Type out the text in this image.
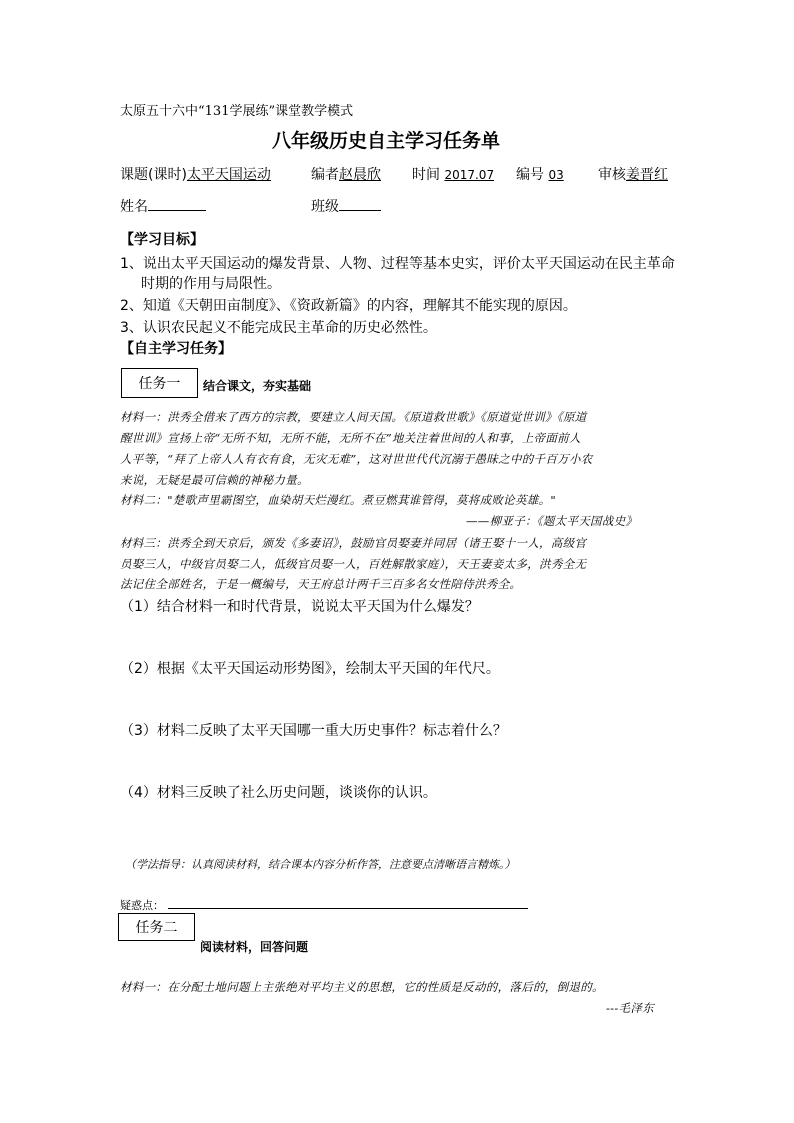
太原五十六中“131学展练”课堂教学模式
八年级历史自主学习任务单
课题(课时)太平天国运动	编者赵晨欣 时间 2017.07 编号 03 审核姜晋红
姓名	班级
【学习目标】
1、说出太平天国运动的爆发背景、人物、过程等基本史实，评价太平天国运动在民主革命
时期的作用与局限性。
2、知道《天朝田亩制度》、《资政新篇》的内容，理解其不能实现的原因。
3、认识农民起义不能完成民主革命的历史必然性。
【自主学习任务】
任务一 结合课文，夯实基础
材料一：洪秀全借来了西方的宗教，要建立人间天国。《原道救世歌》《原道觉世训》《原道
醒世训》宣扬上帝“无所不知，无所不能，无所不在”地关注着世间的人和事，上帝面前人
人平等，“拜了上帝人人有衣有食，无灾无难”，这对世世代代沉溺于愚昧之中的千百万小农
来说，无疑是最可信赖的神秘力量。
材料二："楚歌声里霸图空，血染胡天烂漫红。煮豆燃萁谁管得，莫将成败论英雄。"
——柳亚子：《题太平天国战史》
材料三：洪秀全到天京后，颁发《多妻诏》，鼓励官员娶妻并同居（诸王娶十一人，高级官
员娶三人，中级官员娶二人，低级官员娶一人，百姓解散家庭），天王妻妾太多，洪秀全无
法记住全部姓名，于是一概编号，天王府总计两千三百多名女性陪侍洪秀全。
（1）结合材料一和时代背景，说说太平天国为什么爆发？
（2）根据《太平天国运动形势图》，绘制太平天国的年代尺。
（3）材料二反映了太平天国哪一重大历史事件？标志着什么？
（4）材料三反映了社么历史问题，谈谈你的认识。
（学法指导：认真阅读材料，结合课本内容分析作答，注意要点清晰语言精炼。）
疑惑点：
任务二
阅读材料，回答问题
材料一：在分配土地问题上主张绝对平均主义的思想，它的性质是反动的，落后的，倒退的。
---毛泽东
